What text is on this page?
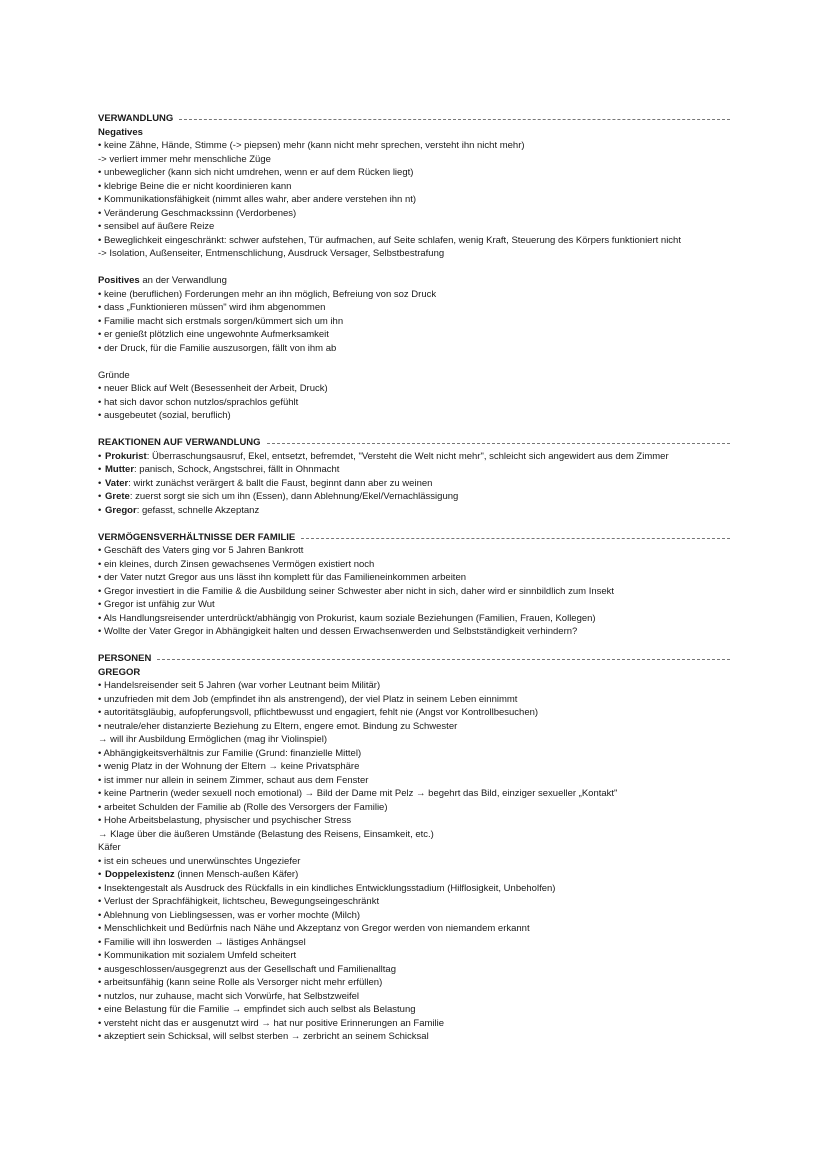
VERWANDLUNG
Negatives
• keine Zähne, Hände, Stimme (-> piepsen) mehr (kann nicht mehr sprechen, versteht ihn nicht mehr)
-> verliert immer mehr menschliche Züge
• unbeweglicher (kann sich nicht umdrehen, wenn er auf dem Rücken liegt)
• klebrige Beine die er nicht koordinieren kann
• Kommunikationsfähigkeit (nimmt alles wahr, aber andere verstehen ihn nt)
• Veränderung Geschmackssinn (Verdorbenes)
• sensibel auf äußere Reize
• Beweglichkeit eingeschränkt: schwer aufstehen, Tür aufmachen, auf Seite schlafen, wenig Kraft, Steuerung des Körpers funktioniert nicht
-> Isolation, Außenseiter, Entmenschlichung, Ausdruck Versager, Selbstbestrafung
Positives an der Verwandlung
• keine (beruflichen) Forderungen mehr an ihn möglich, Befreiung von soz Druck
• dass „Funktionieren müssen" wird ihm abgenommen
• Familie macht sich erstmals sorgen/kümmert sich um ihn
• er genießt plötzlich eine ungewohnte Aufmerksamkeit
• der Druck, für die Familie auszusorgen, fällt von ihm ab
Gründe
• neuer Blick auf Welt (Besessenheit der Arbeit, Druck)
• hat sich davor schon nutzlos/sprachlos gefühlt
• ausgebeutet (sozial, beruflich)
REAKTIONEN AUF VERWANDLUNG
• Prokurist: Überraschungsausruf, Ekel, entsetzt, befremdet, "Versteht die Welt nicht mehr", schleicht sich angewidert aus dem Zimmer
• Mutter: panisch, Schock, Angstschrei, fällt in Ohnmacht
• Vater: wirkt zunächst verärgert & ballt die Faust, beginnt dann aber zu weinen
• Grete: zuerst sorgt sie sich um ihn (Essen), dann Ablehnung/Ekel/Vernachlässigung
• Gregor: gefasst, schnelle Akzeptanz
VERMÖGENSVERHÄLTNISSE DER FAMILIE
• Geschäft des Vaters ging vor 5 Jahren Bankrott
• ein kleines, durch Zinsen gewachsenes Vermögen existiert noch
• der Vater nutzt Gregor aus uns lässt ihn komplett für das Familieneinkommen arbeiten
• Gregor investiert in die Familie & die Ausbildung seiner Schwester aber nicht in sich, daher wird er sinnbildlich zum Insekt
• Gregor ist unfähig zur Wut
• Als Handlungsreisender unterdrückt/abhängig von Prokurist, kaum soziale Beziehungen (Familien, Frauen, Kollegen)
• Wollte der Vater Gregor in Abhängigkeit halten und dessen Erwachsenwerden und Selbstständigkeit verhindern?
PERSONEN
GREGOR
• Handelsreisender seit 5 Jahren (war vorher Leutnant beim Militär)
• unzufrieden mit dem Job (empfindet ihn als anstrengend), der viel Platz in seinem Leben einnimmt
• autoritätsgläubig, aufopferungsvoll, pflichtbewusst und engagiert, fehlt nie (Angst vor Kontrollbesuchen)
• neutrale/eher distanzierte Beziehung zu Eltern, engere emot. Bindung zu Schwester
→ will ihr Ausbildung Ermöglichen (mag ihr Violinspiel)
• Abhängigkeitsverhältnis zur Familie (Grund: finanzielle Mittel)
• wenig Platz in der Wohnung der Eltern → keine Privatsphäre
• ist immer nur allein in seinem Zimmer, schaut aus dem Fenster
• keine Partnerin (weder sexuell noch emotional) → Bild der Dame mit Pelz → begehrt das Bild, einziger sexueller „Kontakt"
• arbeitet Schulden der Familie ab (Rolle des Versorgers der Familie)
• Hohe Arbeitsbelastung, physischer und psychischer Stress
→ Klage über die äußeren Umstände (Belastung des Reisens, Einsamkeit, etc.)
Käfer
• ist ein scheues und unerwünschtes Ungeziefer
• Doppelexistenz (innen Mensch-außen Käfer)
• Insektengestalt als Ausdruck des Rückfalls in ein kindliches Entwicklungsstadium (Hilflosigkeit, Unbeholfen)
• Verlust der Sprachfähigkeit, lichtscheu, Bewegungseingeschränkt
• Ablehnung von Lieblingsessen, was er vorher mochte (Milch)
• Menschlichkeit und Bedürfnis nach Nähe und Akzeptanz von Gregor werden von niemandem erkannt
• Familie will ihn loswerden → lästiges Anhängsel
• Kommunikation mit sozialem Umfeld scheitert
• ausgeschlossen/ausgegrenzt aus der Gesellschaft und Familienalltag
• arbeitsunfähig (kann seine Rolle als Versorger nicht mehr erfüllen)
• nutzlos, nur zuhause, macht sich Vorwürfe, hat Selbstzweifel
• eine Belastung für die Familie → empfindet sich auch selbst als Belastung
• versteht nicht das er ausgenutzt wird → hat nur positive Erinnerungen an Familie
• akzeptiert sein Schicksal, will selbst sterben → zerbricht an seinem Schicksal
